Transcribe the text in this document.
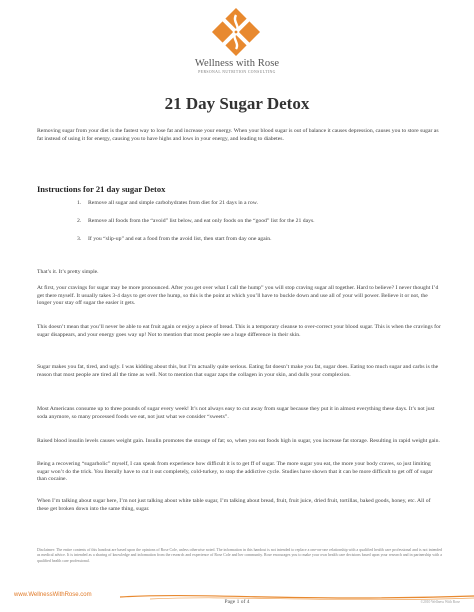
Wellness with Rose
PERSONAL NUTRITION CONSULTING
21 Day Sugar Detox

Removing sugar from your diet is the fastest way to lose fat and increase your energy. When your blood sugar is out of balance it causes depression, causes you to store sugar as fat instead of using it for energy, causing you to have highs and lows in your energy, and leading to diabetes.

Instructions for 21 day sugar Detox
1. Remove all sugar and simple carbohydrates from diet for 21 days in a row.
2. Remove all foods from the “avoid” list below, and eat only foods on the “good” list for the 21 days.
3. If you “slip-up” and eat a food from the avoid list, then start from day one again.

That’s it. It’s pretty simple.

At first, your cravings for sugar may be more pronounced. After you get over what I call the hump” you will stop craving sugar all together. Hard to believe? I never thought I’d get there myself. It usually takes 3-4 days to get over the hump, so this is the point at which you’ll have to buckle down and use all of your will power. Believe it or not, the longer your stay off sugar the easier it gets.

This doesn’t mean that you’ll never be able to eat fruit again or enjoy a piece of bread. This is a temporary cleanse to over-correct your blood sugar. This is when the cravings for sugar disappears, and your energy goes way up! Not to mention that most people see a huge difference in their skin.

Sugar makes you fat, tired, and ugly. I was kidding about this, but I’m actually quite serious. Eating fat doesn’t make you fat, sugar does. Eating too much sugar and carbs is the reason that most people are tired all the time as well. Not to mention that sugar zaps the collagen in your skin, and dulls your complexion.

Most Americans consume up to three pounds of sugar every week! It’s not always easy to cut away from sugar because they put it in almost everything these days. It’s not just soda anymore, so many processed foods we eat, not just what we consider “sweets”.

Raised blood insulin levels causes weight gain. Insulin promotes the storage of fat; so, when you eat foods high in sugar, you increase fat storage. Resulting in rapid weight gain.

Being a recovering “sugarholic” myself, I can speak from experience how difficult it is to get ff of sugar. The more sugar you eat, the more your body craves, so just limiting sugar won’t do the trick. You literally have to cut it out completely, cold-turkey, to stop the addictive cycle. Studies have shown that it can be more difficult to get off of sugar than cocaine.

When I’m talking about sugar here, I’m not just talking about white table sugar, I’m talking about bread, fruit, fruit juice, dried fruit, tortillas, baked goods, honey, etc. All of these get broken down into the same thing, sugar.

Disclaimer: The entire contents of this handout are based upon the opinions of Rose Cole, unless otherwise noted. The information in this handout is not intended to replace a one-on-one relationship with a qualified health care professional and is not intended as medical advice. It is intended as a sharing of knowledge and information from the research and experience of Rose Cole and her community. Rose encourages you to make your own health care decisions based upon your research and in partnership with a qualified health care professional.
www.WellnessWithRose.com
Page 1 of 4	©2010 Wellness With Rose
